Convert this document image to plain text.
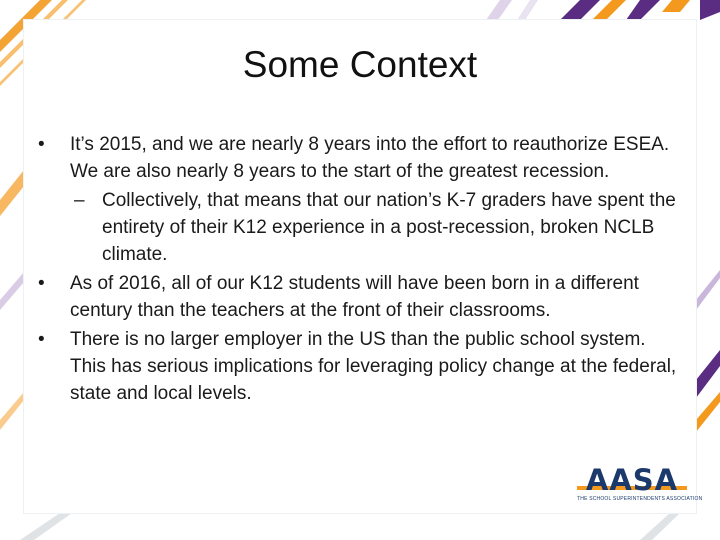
Some Context
• It’s 2015, and we are nearly 8 years into the effort to reauthorize ESEA. We are also nearly 8 years to the start of the greatest recession.
– Collectively, that means that our nation’s K-7 graders have spent the entirety of their K12 experience in a post-recession, broken NCLB climate.
• As of 2016, all of our K12 students will have been born in a different century than the teachers at the front of their classrooms.
• There is no larger employer in the US than the public school system. This has serious implications for leveraging policy change at the federal, state and local levels.
AASA
THE SCHOOL SUPERINTENDENTS ASSOCIATION
